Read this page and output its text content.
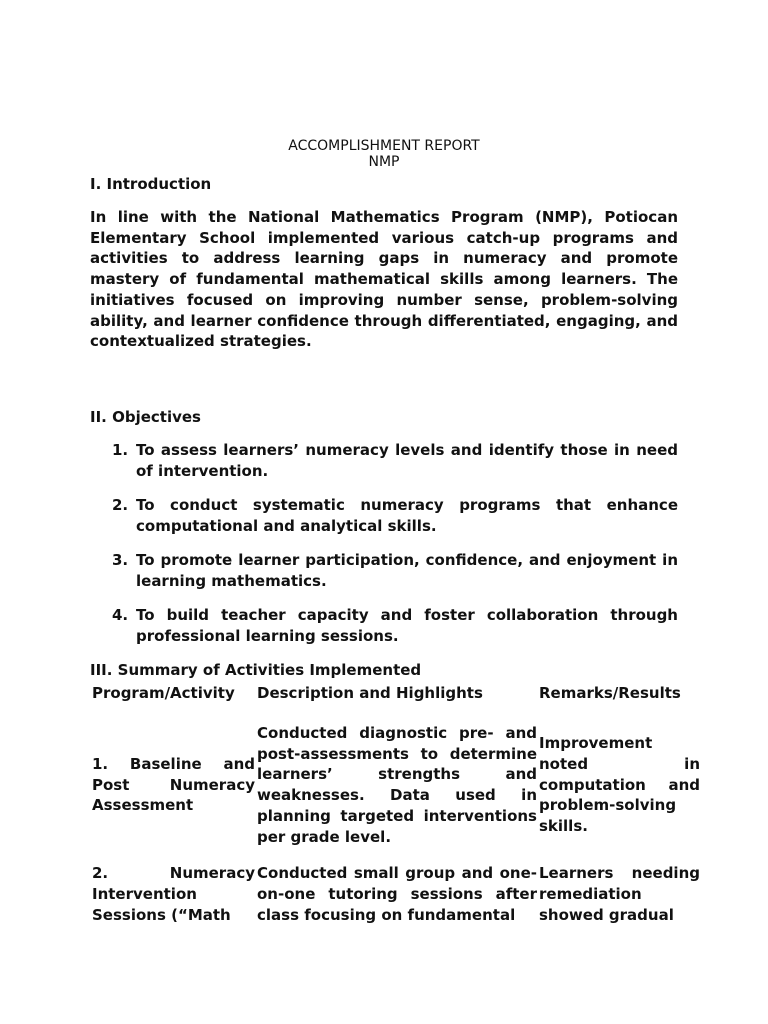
ACCOMPLISHMENT REPORT

NMP

I. Introduction

In line with the National Mathematics Program (NMP), Potiocan Elementary School implemented various catch-up programs and activities to address learning gaps in numeracy and promote mastery of fundamental mathematical skills among learners. The initiatives focused on improving number sense, problem-solving ability, and learner confidence through differentiated, engaging, and contextualized strategies.

II. Objectives

1. To assess learners’ numeracy levels and identify those in need of intervention.
2. To conduct systematic numeracy programs that enhance computational and analytical skills.
3. To promote learner participation, confidence, and enjoyment in learning mathematics.
4. To build teacher capacity and foster collaboration through professional learning sessions.

III. Summary of Activities Implemented

Program/Activity	Description and Highlights	Remarks/Results

1. Baseline and Post Numeracy Assessment	Conducted diagnostic pre- and post-assessments to determine learners’ strengths and weaknesses. Data used in planning targeted interventions per grade level.	Improvement noted in computation and problem-solving skills.

2. Numeracy Intervention Sessions (“Math	Conducted small group and one-on-one tutoring sessions after class focusing on fundamental	Learners needing remediation showed gradual
